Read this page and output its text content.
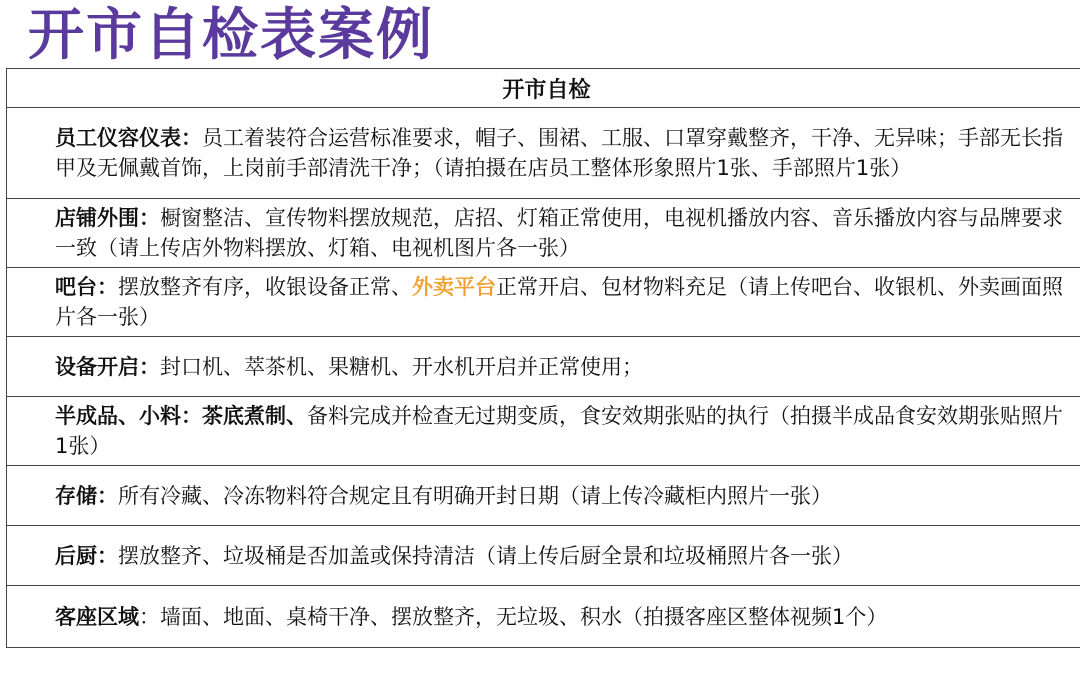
开市自检表案例
开市自检
员工仪容仪表：员工着装符合运营标准要求，帽子、围裙、工服、口罩穿戴整齐，干净、无异味；手部无长指甲及无佩戴首饰，上岗前手部清洗干净；（请拍摄在店员工整体形象照片1张、手部照片1张）
店铺外围：橱窗整洁、宣传物料摆放规范，店招、灯箱正常使用，电视机播放内容、音乐播放内容与品牌要求一致（请上传店外物料摆放、灯箱、电视机图片各一张）
吧台：摆放整齐有序，收银设备正常、外卖平台正常开启、包材物料充足（请上传吧台、收银机、外卖画面照片各一张）
设备开启：封口机、萃茶机、果糖机、开水机开启并正常使用；
半成品、小料：茶底煮制、备料完成并检查无过期变质，食安效期张贴的执行（拍摄半成品食安效期张贴照片1张）
存储：所有冷藏、冷冻物料符合规定且有明确开封日期（请上传冷藏柜内照片一张）
后厨：摆放整齐、垃圾桶是否加盖或保持清洁（请上传后厨全景和垃圾桶照片各一张）
客座区域：墙面、地面、桌椅干净、摆放整齐，无垃圾、积水（拍摄客座区整体视频1个）
